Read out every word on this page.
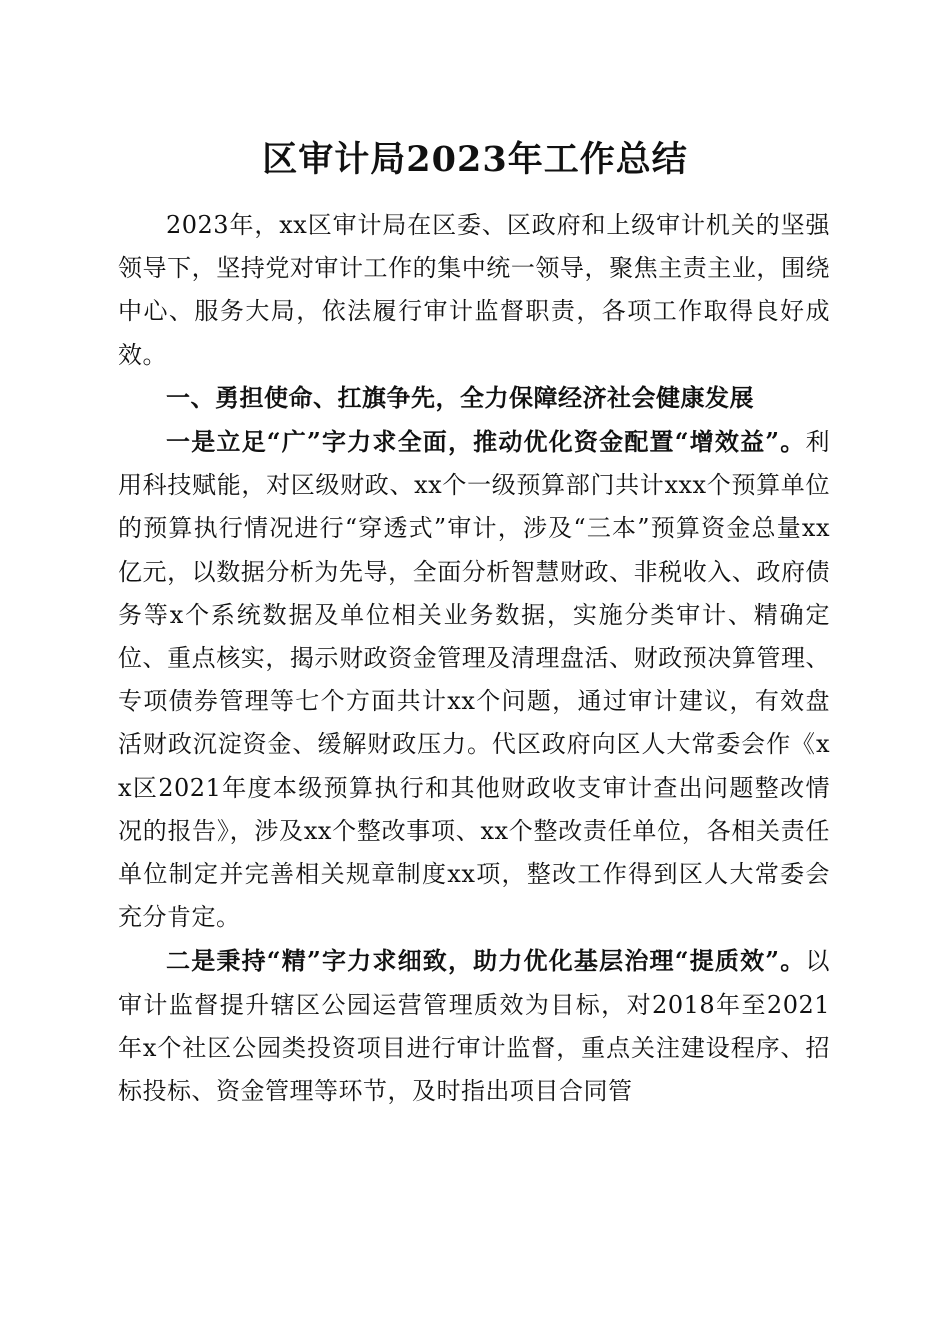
区审计局2023年工作总结

2023年，xx区审计局在区委、区政府和上级审计机关的坚强领导下，坚持党对审计工作的集中统一领导，聚焦主责主业，围绕中心、服务大局，依法履行审计监督职责，各项工作取得良好成效。

一、勇担使命、扛旗争先，全力保障经济社会健康发展

一是立足“广”字力求全面，推动优化资金配置“增效益”。利用科技赋能，对区级财政、xx个一级预算部门共计xxx个预算单位的预算执行情况进行“穿透式”审计，涉及“三本”预算资金总量xx亿元，以数据分析为先导，全面分析智慧财政、非税收入、政府债务等x个系统数据及单位相关业务数据，实施分类审计、精确定位、重点核实，揭示财政资金管理及清理盘活、财政预决算管理、专项债券管理等七个方面共计xx个问题，通过审计建议，有效盘活财政沉淀资金、缓解财政压力。代区政府向区人大常委会作《xx区2021年度本级预算执行和其他财政收支审计查出问题整改情况的报告》，涉及xx个整改事项、xx个整改责任单位，各相关责任单位制定并完善相关规章制度xx项，整改工作得到区人大常委会充分肯定。

二是秉持“精”字力求细致，助力优化基层治理“提质效”。以审计监督提升辖区公园运营管理质效为目标，对2018年至2021年x个社区公园类投资项目进行审计监督，重点关注建设程序、招标投标、资金管理等环节，及时指出项目合同管
